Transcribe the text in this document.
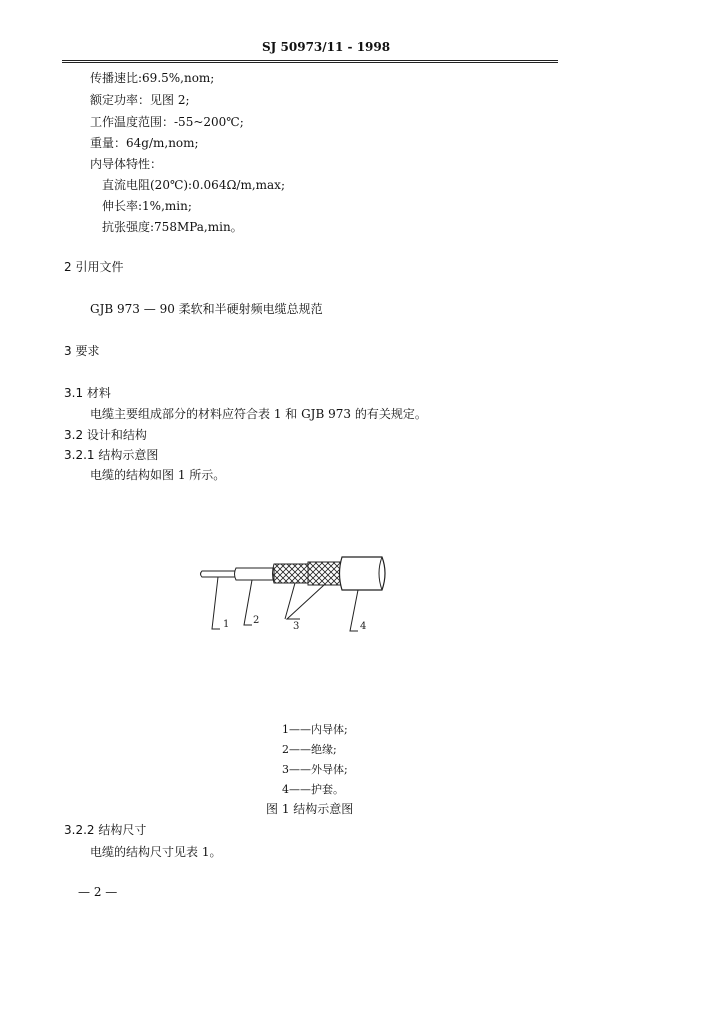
SJ 50973/11 - 1998
传播速比:69.5%,nom;
额定功率：见图 2;
工作温度范围：-55~200℃;
重量：64g/m,nom;
内导体特性：
直流电阻(20℃):0.064Ω/m,max;
伸长率:1%,min;
抗张强度:758MPa,min。
2 引用文件
GJB 973 — 90 柔软和半硬射频电缆总规范
3 要求
3.1 材料
电缆主要组成部分的材料应符合表 1 和 GJB 973 的有关规定。
3.2 设计和结构
3.2.1 结构示意图
电缆的结构如图 1 所示。
1 2
3	4
1——内导体;
2——绝缘;
3——外导体;
4——护套。
图 1 结构示意图
3.2.2 结构尺寸
电缆的结构尺寸见表 1。
— 2 —
